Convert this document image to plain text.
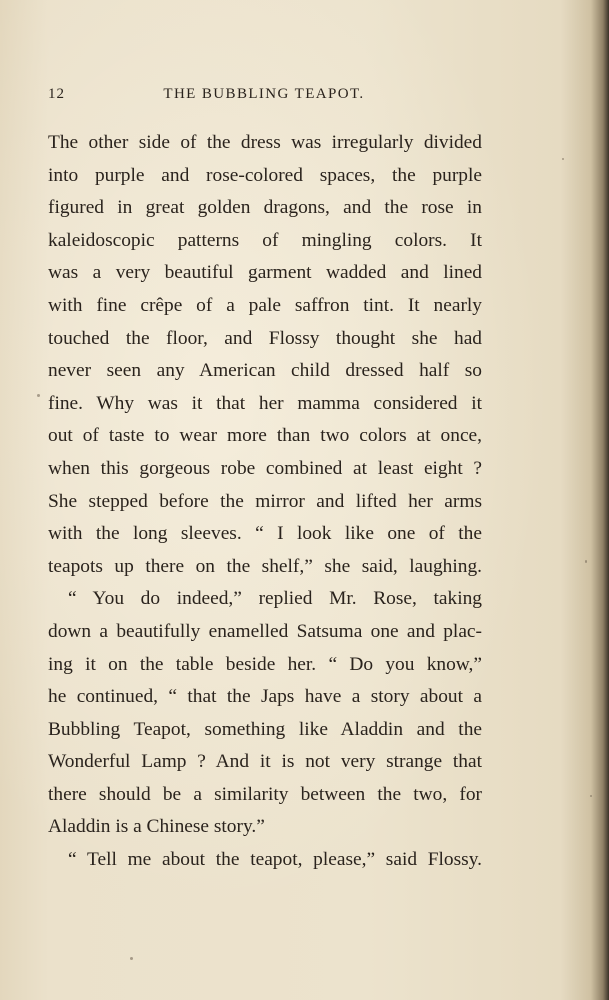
12	THE BUBBLING TEAPOT.
The other side of the dress was irregularly divided
into purple and rose-colored spaces, the purple
figured in great golden dragons, and the rose in
kaleidoscopic patterns of mingling colors. It
was a very beautiful garment wadded and lined
with fine crêpe of a pale saffron tint. It nearly
touched the floor, and Flossy thought she had
never seen any American child dressed half so
fine. Why was it that her mamma considered it
out of taste to wear more than two colors at once,
when this gorgeous robe combined at least eight ?
She stepped before the mirror and lifted her arms
with the long sleeves. “ I look like one of the
teapots up there on the shelf,” she said, laughing.
“ You do indeed,” replied Mr. Rose, taking
down a beautifully enamelled Satsuma one and plac-
ing it on the table beside her. “ Do you know,”
he continued, “ that the Japs have a story about a
Bubbling Teapot, something like Aladdin and the
Wonderful Lamp ? And it is not very strange that
there should be a similarity between the two, for
Aladdin is a Chinese story.”
“ Tell me about the teapot, please,” said Flossy.
